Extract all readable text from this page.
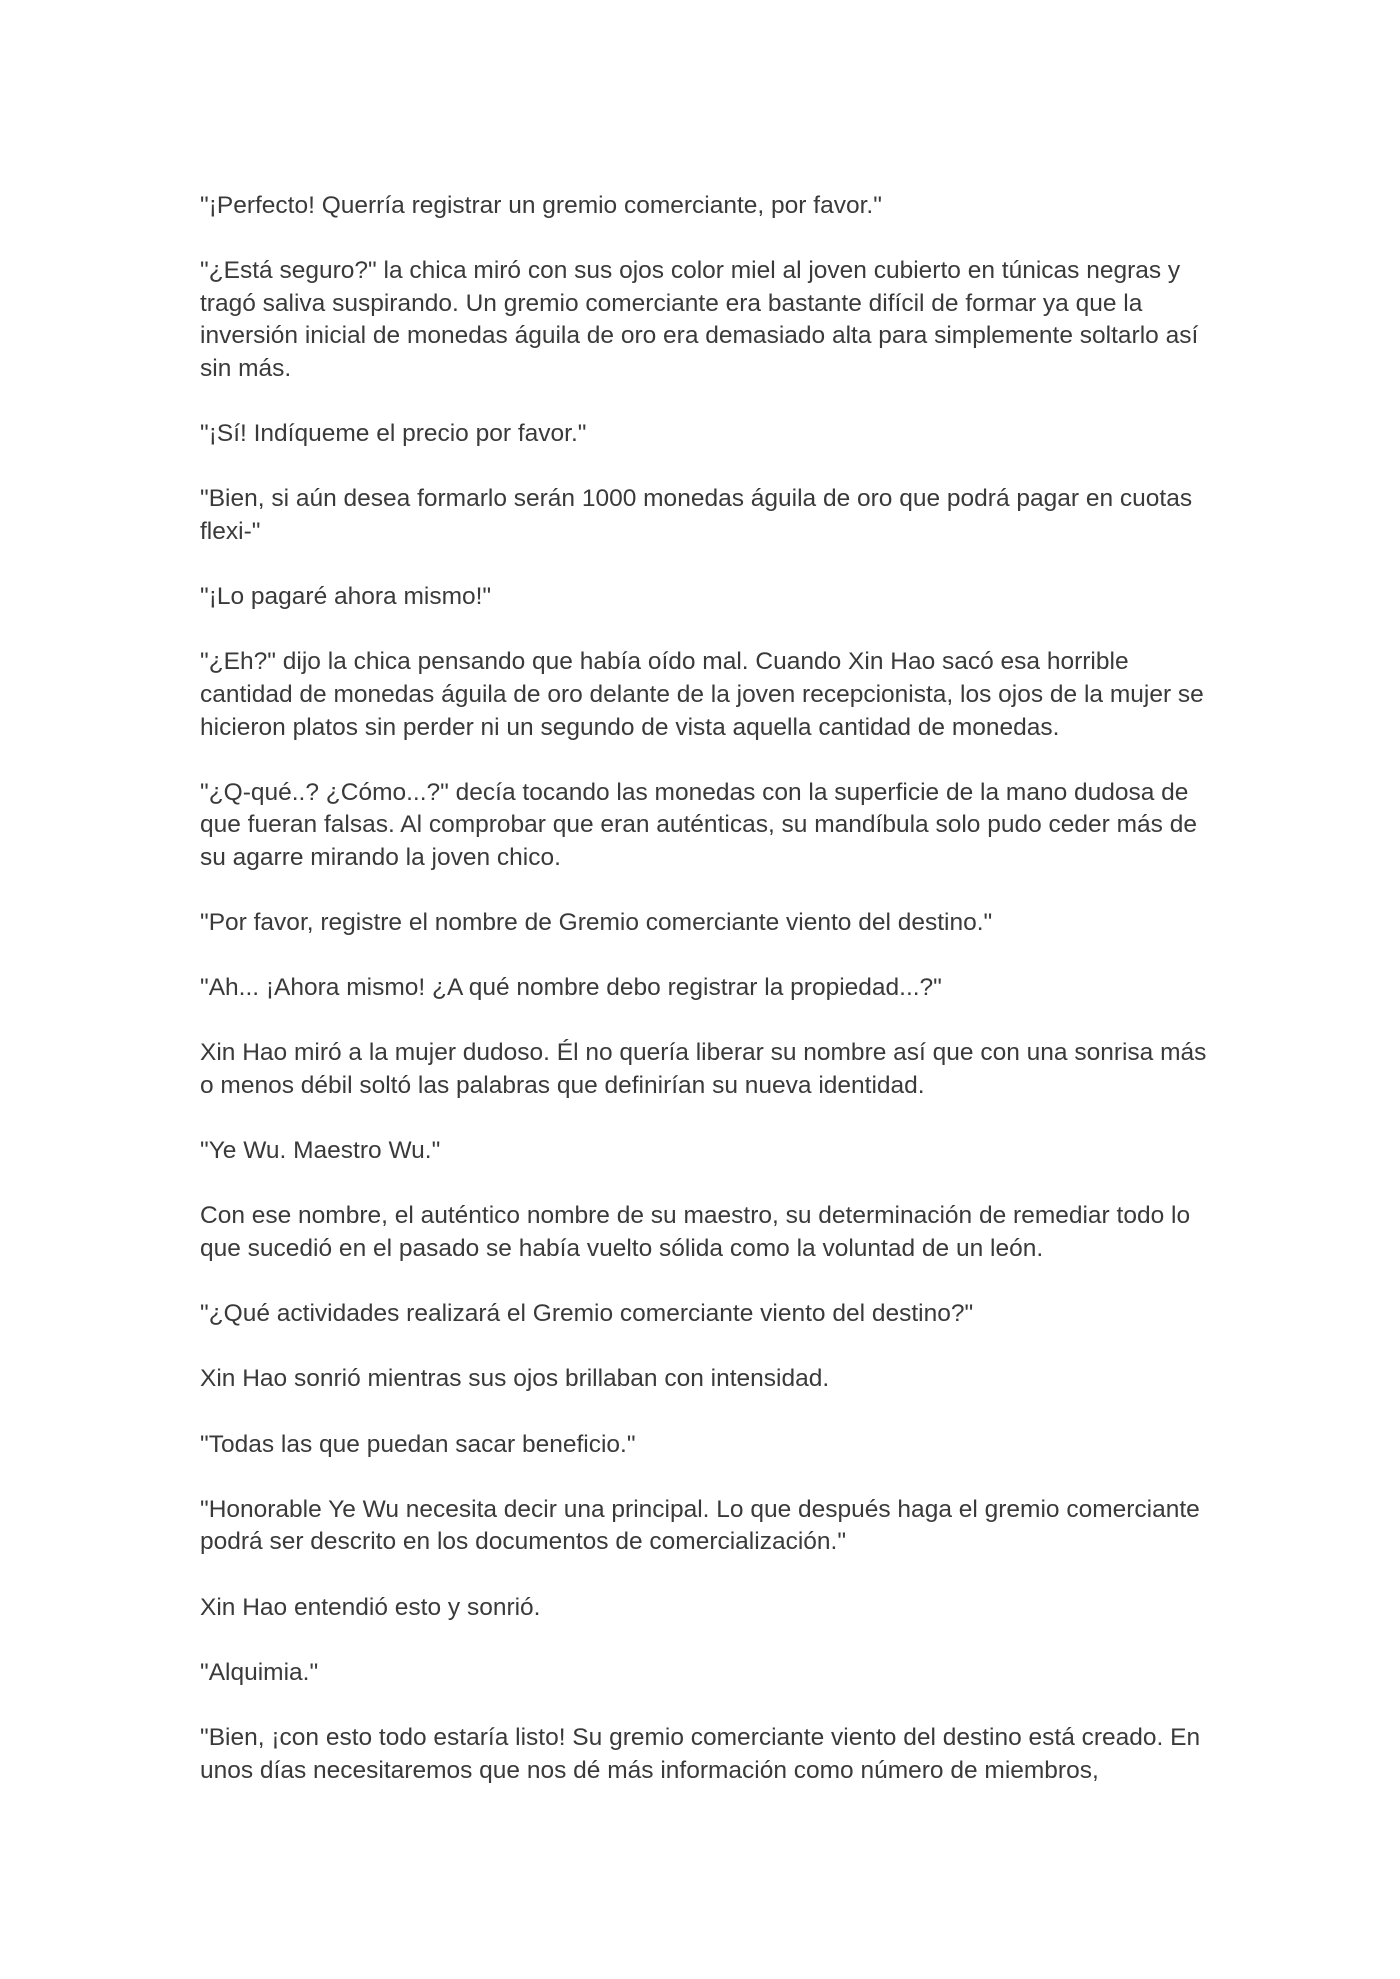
"¡Perfecto! Querría registrar un gremio comerciante, por favor."

"¿Está seguro?" la chica miró con sus ojos color miel al joven cubierto en túnicas negras y tragó saliva suspirando. Un gremio comerciante era bastante difícil de formar ya que la inversión inicial de monedas águila de oro era demasiado alta para simplemente soltarlo así sin más.

"¡Sí! Indíqueme el precio por favor."

"Bien, si aún desea formarlo serán 1000 monedas águila de oro que podrá pagar en cuotas flexi-"

"¡Lo pagaré ahora mismo!"

"¿Eh?" dijo la chica pensando que había oído mal. Cuando Xin Hao sacó esa horrible cantidad de monedas águila de oro delante de la joven recepcionista, los ojos de la mujer se hicieron platos sin perder ni un segundo de vista aquella cantidad de monedas.

"¿Q-qué..? ¿Cómo...?" decía tocando las monedas con la superficie de la mano dudosa de que fueran falsas. Al comprobar que eran auténticas, su mandíbula solo pudo ceder más de su agarre mirando la joven chico.

"Por favor, registre el nombre de Gremio comerciante viento del destino."

"Ah... ¡Ahora mismo! ¿A qué nombre debo registrar la propiedad...?"

Xin Hao miró a la mujer dudoso. Él no quería liberar su nombre así que con una sonrisa más o menos débil soltó las palabras que definirían su nueva identidad.

"Ye Wu. Maestro Wu."

Con ese nombre, el auténtico nombre de su maestro, su determinación de remediar todo lo que sucedió en el pasado se había vuelto sólida como la voluntad de un león.

"¿Qué actividades realizará el Gremio comerciante viento del destino?"

Xin Hao sonrió mientras sus ojos brillaban con intensidad.

"Todas las que puedan sacar beneficio."

"Honorable Ye Wu necesita decir una principal. Lo que después haga el gremio comerciante podrá ser descrito en los documentos de comercialización."

Xin Hao entendió esto y sonrió.

"Alquimia."

"Bien, ¡con esto todo estaría listo! Su gremio comerciante viento del destino está creado. En unos días necesitaremos que nos dé más información como número de miembros,
